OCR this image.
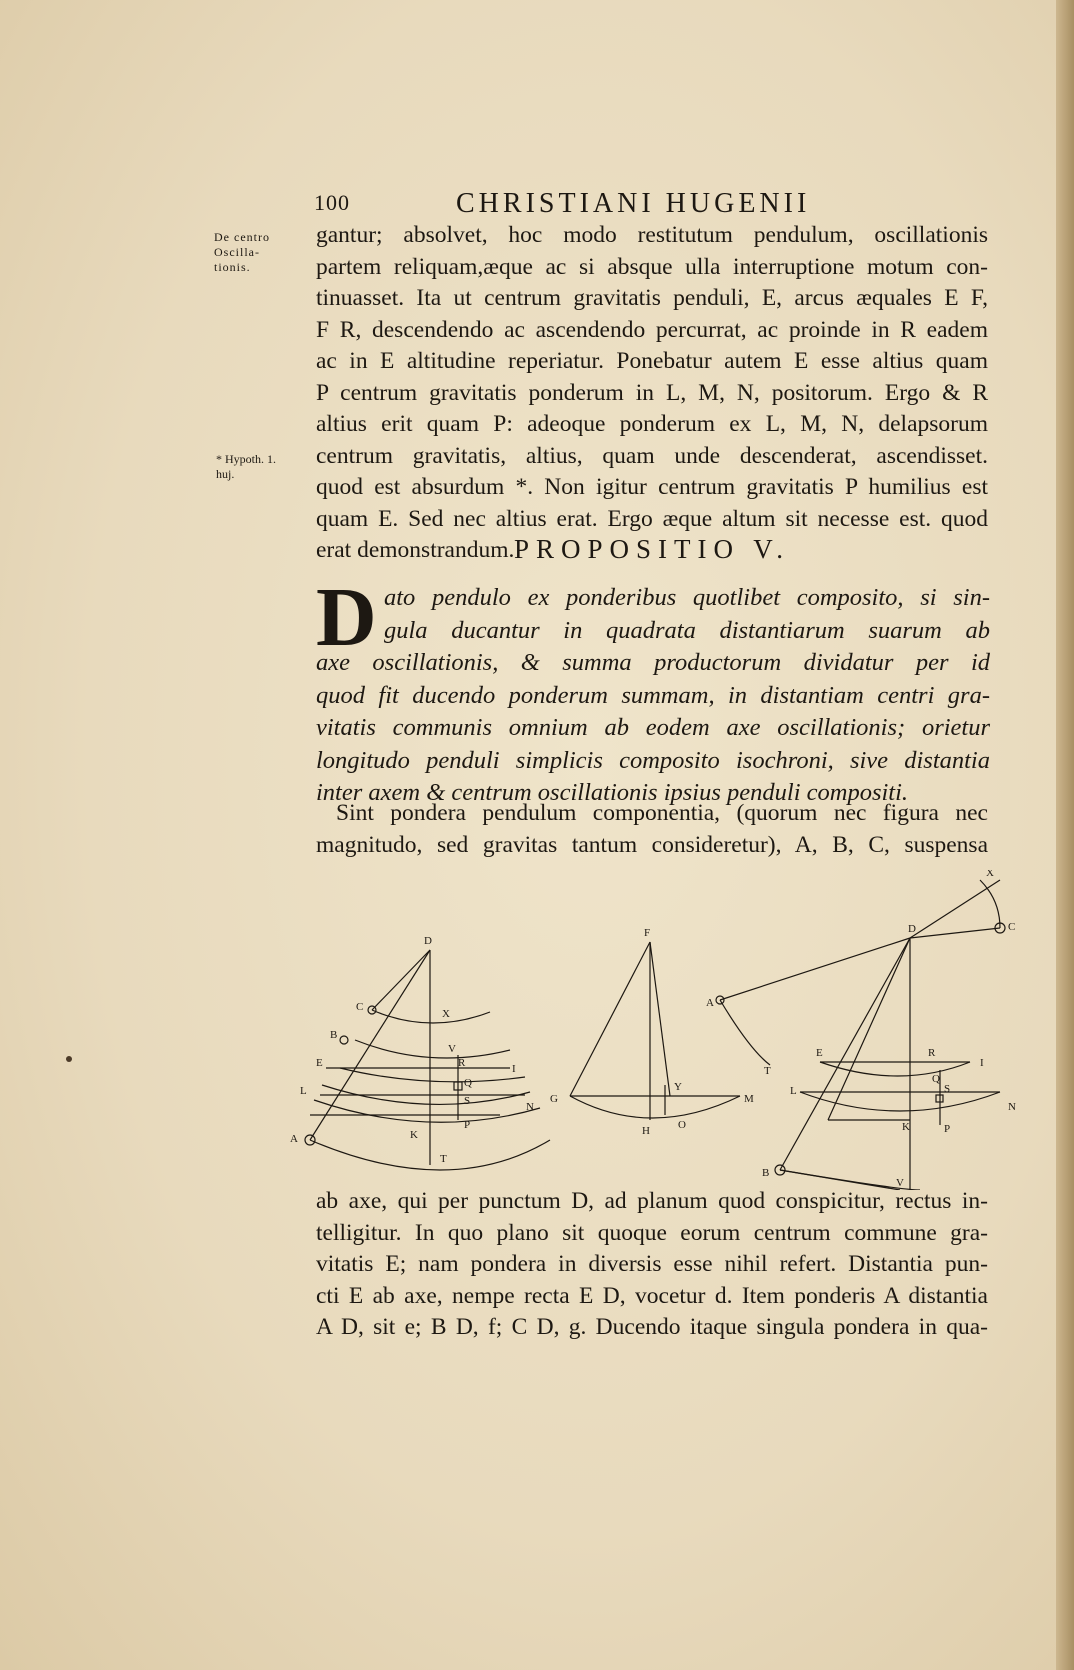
100	CHRISTIANI HUGENII
De centro
Oscilla-
tionis.
* Hypoth. 1.
huj.
gantur; absolvet, hoc modo restitutum pendulum, oscillationis
partem reliquam,æque ac si absque ulla interruptione motum con-
tinuasset. Ita ut centrum gravitatis penduli, E, arcus æquales E F,
F R, descendendo ac ascendendo percurrat, ac proinde in R eadem
ac in E altitudine reperiatur. Ponebatur autem E esse altius quam
P centrum gravitatis ponderum in L, M, N, positorum. Ergo & R
altius erit quam P: adeoque ponderum ex L, M, N, delapsorum
centrum gravitatis, altius, quam unde descenderat, ascendisset.
quod est absurdum *. Non igitur centrum gravitatis P humilius est
quam E. Sed nec altius erat. Ergo æque altum sit necesse est. quod
erat demonstrandum. PROPOSITIO V.
D ato pendulo ex ponderibus quotlibet composito, si sin-
gula ducantur in quadrata distantiarum suarum ab
axe oscillationis, & summa productorum dividatur per id
quod fit ducendo ponderum summam, in distantiam centri gra-
vitatis communis omnium ab eodem axe oscillationis; orietur
longitudo penduli simplicis composito isochroni, sive distantia
inter axem & centrum oscillationis ipsius penduli compositi.
Sint pondera pendulum componentia, (quorum nec figura nec
magnitudo, sed gravitas tantum consideretur), A, B, C, suspensa
D
C
X
B
V
E	R	I
Q
L
S	N
P
A	K
T
F
G
Y
M
H	O
X
D	C
A
T
E	R
I
Q
L	S
N
B
K	P
V
ab axe, qui per punctum D, ad planum quod conspicitur, rectus in-
telligitur. In quo plano sit quoque eorum centrum commune gra-
vitatis E; nam pondera in diversis esse nihil refert. Distantia pun-
cti E ab axe, nempe recta E D, vocetur d. Item ponderis A distantia
A D, sit e; B D, f; C D, g. Ducendo itaque singula pondera in qua-
